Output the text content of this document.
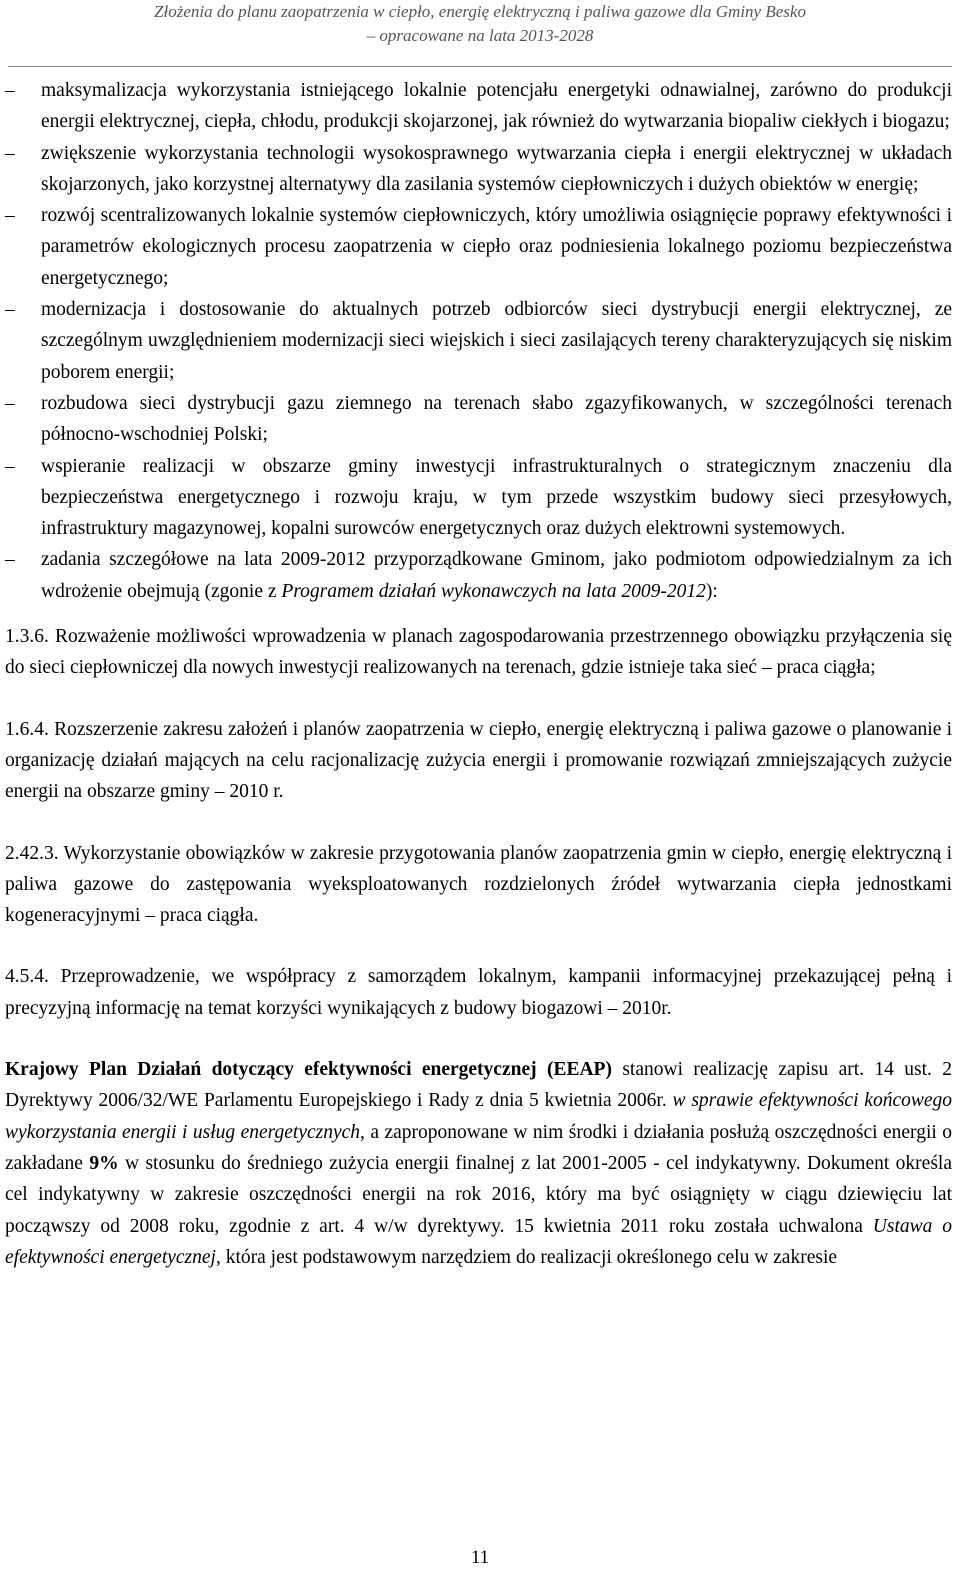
Złożenia do planu zaopatrzenia w ciepło, energię elektryczną i paliwa gazowe dla Gminy Besko
– opracowane na lata 2013-2028
–	maksymalizacja wykorzystania istniejącego lokalnie potencjału energetyki odnawialnej, zarówno do produkcji energii elektrycznej, ciepła, chłodu, produkcji skojarzonej, jak również do wytwarzania biopaliw ciekłych i biogazu;
–	zwiększenie wykorzystania technologii wysokosprawnego wytwarzania ciepła i energii elektrycznej w układach skojarzonych, jako korzystnej alternatywy dla zasilania systemów ciepłowniczych i dużych obiektów w energię;
–	rozwój scentralizowanych lokalnie systemów ciepłowniczych, który umożliwia osiągnięcie poprawy efektywności i parametrów ekologicznych procesu zaopatrzenia w ciepło oraz podniesienia lokalnego poziomu bezpieczeństwa energetycznego;
–	modernizacja i dostosowanie do aktualnych potrzeb odbiorców sieci dystrybucji energii elektrycznej, ze szczególnym uwzględnieniem modernizacji sieci wiejskich i sieci zasilających tereny charakteryzujących się niskim poborem energii;
–	rozbudowa sieci dystrybucji gazu ziemnego na terenach słabo zgazyfikowanych, w szczególności terenach północno-wschodniej Polski;
–	wspieranie realizacji w obszarze gminy inwestycji infrastrukturalnych o strategicznym znaczeniu dla bezpieczeństwa energetycznego i rozwoju kraju, w tym przede wszystkim budowy sieci przesyłowych, infrastruktury magazynowej, kopalni surowców energetycznych oraz dużych elektrowni systemowych.
–	zadania szczegółowe na lata 2009-2012 przyporządkowane Gminom, jako podmiotom odpowiedzialnym za ich wdrożenie obejmują (zgonie z Programem działań wykonawczych na lata 2009-2012):

1.3.6. Rozważenie możliwości wprowadzenia w planach zagospodarowania przestrzennego obowiązku przyłączenia się do sieci ciepłowniczej dla nowych inwestycji realizowanych na terenach, gdzie istnieje taka sieć – praca ciągła;

1.6.4. Rozszerzenie zakresu założeń i planów zaopatrzenia w ciepło, energię elektryczną i paliwa gazowe o planowanie i organizację działań mających na celu racjonalizację zużycia energii i promowanie rozwiązań zmniejszających zużycie energii na obszarze gminy – 2010 r.

2.42.3. Wykorzystanie obowiązków w zakresie przygotowania planów zaopatrzenia gmin w ciepło, energię elektryczną i paliwa gazowe do zastępowania wyeksploatowanych rozdzielonych źródeł wytwarzania ciepła jednostkami kogeneracyjnymi – praca ciągła.

4.5.4. Przeprowadzenie, we współpracy z samorządem lokalnym, kampanii informacyjnej przekazującej pełną i precyzyjną informację na temat korzyści wynikających z budowy biogazowi – 2010r.

Krajowy Plan Działań dotyczący efektywności energetycznej (EEAP) stanowi realizację zapisu art. 14 ust. 2 Dyrektywy 2006/32/WE Parlamentu Europejskiego i Rady z dnia 5 kwietnia 2006r. w sprawie efektywności końcowego wykorzystania energii i usług energetycznych, a zaproponowane w nim środki i działania posłużą oszczędności energii o zakładane 9% w stosunku do średniego zużycia energii finalnej z lat 2001-2005 - cel indykatywny. Dokument określa cel indykatywny w zakresie oszczędności energii na rok 2016, który ma być osiągnięty w ciągu dziewięciu lat począwszy od 2008 roku, zgodnie z art. 4 w/w dyrektywy. 15 kwietnia 2011 roku została uchwalona Ustawa o efektywności energetycznej, która jest podstawowym narzędziem do realizacji określonego celu w zakresie

11
